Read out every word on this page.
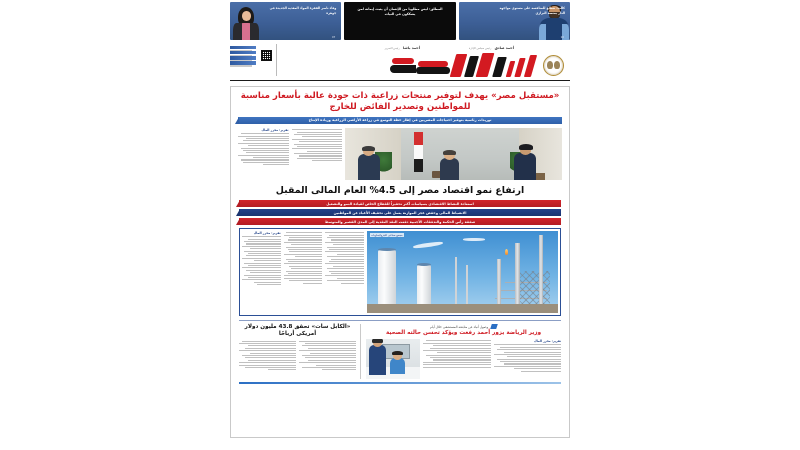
وفاء ناصر القفزة المواد المغذية الجديدة في جوهرة
07
المطلق: ليس مطلوبا من الإنسان أن يثبت إيمانه لمن يشككون في النيات
كالت: نتطلع للمنافسة على مستوى مواجهة الدار بمنصة البرازي
10
أحمد صادق رئيس مجلس الإدارة
أحمد باشا رئيس التحرير
«مستقبل مصر» يهدف لتوفير منتجات زراعية ذات جودة عالية بأسعار مناسبة للمواطنين وتصدير الفائض للخارج
توريدات رئاسية بتوفير احتياجات المصريين في إطار خطة التوسع في زراعة الأراضي الزراعية وزيادة الإنتاج
تقرير: محرر المال
ارتفاع نمو اقتصاد مصر إلى 4.5% العام المالى المقبل
استعادة النشاط الاقتصادى بسياسات أكثر تحفيزاً للقطاع الخاص لقيادة النمو والتشغيل
الانضباط المالى وخفض عجز الموازنة يعمل على تخفيف الأعباء عن المواطنين
صفقة رأس الحكمة والتدفقات الأجنبية دفعت النقد النقدية إلى المدى القصير والمتوسط
مجمع صناعى للبتروكيماويات
تقرير: محرر المال
وصول أنباء عن متابعته المستشفى خلال أيام
وزير الرياضة يزور أحمد رفعت ويؤكد تحسن حالته الصحية
تقرير: محرر المال
«الكابل سات» تحقق 43.8 مليون دولار أمريكى أرباحًا
